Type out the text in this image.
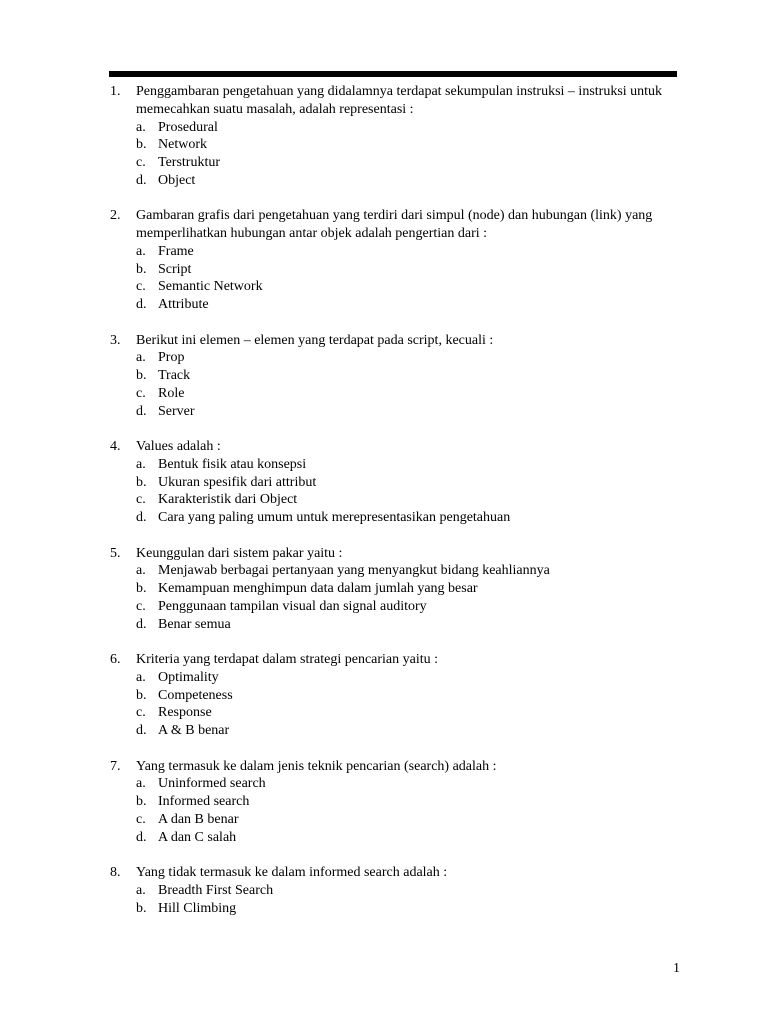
1.	Penggambaran pengetahuan yang didalamnya terdapat sekumpulan instruksi – instruksi untuk memecahkan suatu masalah, adalah representasi :
a. Prosedural
b. Network
c. Terstruktur
d. Object
2.	Gambaran grafis dari pengetahuan yang terdiri dari simpul (node) dan hubungan (link) yang memperlihatkan hubungan antar objek adalah pengertian dari :
a. Frame
b. Script
c. Semantic Network
d. Attribute
3.	Berikut ini elemen – elemen yang terdapat pada script, kecuali :
a. Prop
b. Track
c. Role
d. Server
4.	Values adalah :
a. Bentuk fisik atau konsepsi
b. Ukuran spesifik dari attribut
c. Karakteristik dari Object
d. Cara yang paling umum untuk merepresentasikan pengetahuan
5.	Keunggulan dari sistem pakar yaitu :
a. Menjawab berbagai pertanyaan yang menyangkut bidang keahliannya
b. Kemampuan menghimpun data dalam jumlah yang besar
c. Penggunaan tampilan visual dan signal auditory
d. Benar semua
6.	Kriteria yang terdapat dalam strategi pencarian yaitu :
a. Optimality
b. Competeness
c. Response
d. A & B benar
7.	Yang termasuk ke dalam jenis teknik pencarian (search) adalah :
a. Uninformed search
b. Informed search
c. A dan B benar
d. A dan C salah
8.	Yang tidak termasuk ke dalam informed search adalah :
a. Breadth First Search
b. Hill Climbing
1
